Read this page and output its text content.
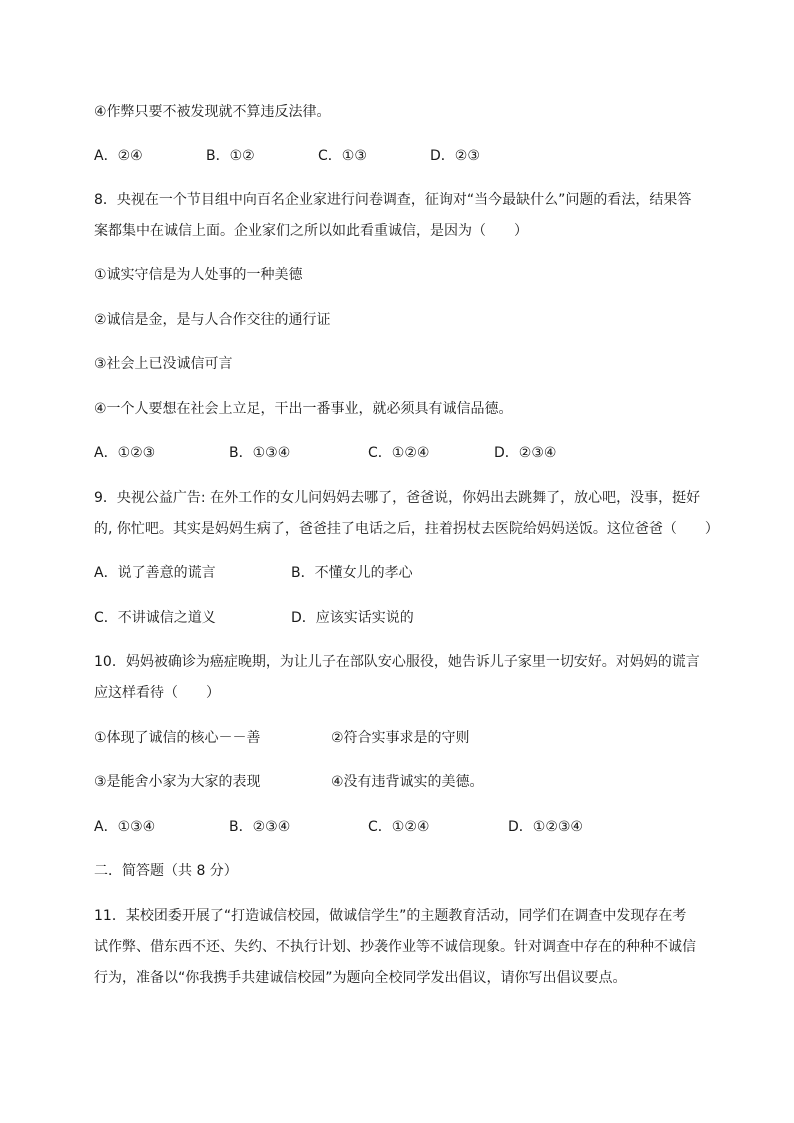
④作弊只要不被发现就不算违反法律。
A．②④	B．①②	C．①③	D．②③
8．央视在一个节目组中向百名企业家进行问卷调查，征询对“当今最缺什么”问题的看法，结果答
案都集中在诚信上面。企业家们之所以如此看重诚信，是因为（　　）
①诚实守信是为人处事的一种美德
②诚信是金，是与人合作交往的通行证
③社会上已没诚信可言
④一个人要想在社会上立足，干出一番事业，就必须具有诚信品德。
A．①②③	B．①③④	C．①②④	D．②③④
9．央视公益广告: 在外工作的女儿问妈妈去哪了，爸爸说，你妈出去跳舞了，放心吧，没事，挺好
的, 你忙吧。其实是妈妈生病了，爸爸挂了电话之后，拄着拐杖去医院给妈妈送饭。这位爸爸（　　）
A．说了善意的谎言	B．不懂女儿的孝心
C．不讲诚信之道义	D．应该实话实说的
10．妈妈被确诊为癌症晚期，为让儿子在部队安心服役，她告诉儿子家里一切安好。对妈妈的谎言
应这样看待（　　）
①体现了诚信的核心－－善	②符合实事求是的守则
③是能舍小家为大家的表现	④没有违背诚实的美德。
A．①③④	B．②③④	C．①②④	D．①②③④
二．简答题（共 8 分）
11．某校团委开展了“打造诚信校园，做诚信学生”的主题教育活动，同学们在调查中发现存在考
试作弊、借东西不还、失约、不执行计划、抄袭作业等不诚信现象。针对调查中存在的种种不诚信
行为，准备以“你我携手共建诚信校园”为题向全校同学发出倡议，请你写出倡议要点。
